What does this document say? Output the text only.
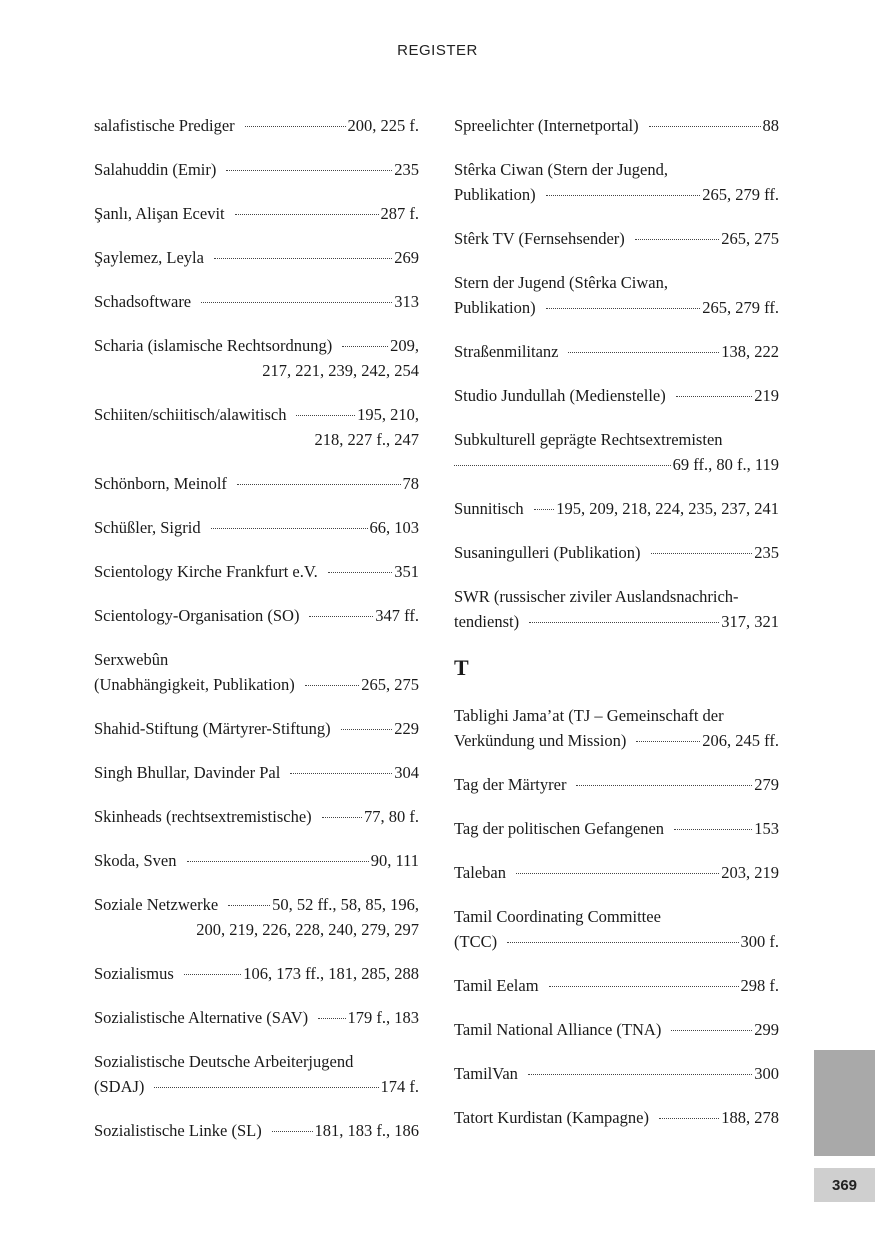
REGISTER
salafistische Prediger	200, 225 f.
Salahuddin (Emir)	235
Şanlı, Alişan Ecevit	287 f.
Şaylemez, Leyla	269
Schadsoftware	313
Scharia (islamische Rechtsordnung)	209,
217, 221, 239, 242, 254
Schiiten/schiitisch/alawitisch	195, 210,
218, 227 f., 247
Schönborn, Meinolf	78
Schüßler, Sigrid	66, 103
Scientology Kirche Frankfurt e.V.	351
Scientology-Organisation (SO)	347 ff.
Serxwebûn
(Unabhängigkeit, Publikation)	265, 275
Shahid-Stiftung (Märtyrer-Stiftung)	229
Singh Bhullar, Davinder Pal	304
Skinheads (rechtsextremistische)	77, 80 f.
Skoda, Sven	90, 111
Soziale Netzwerke	50, 52 ff., 58, 85, 196,
200, 219, 226, 228, 240, 279, 297
Sozialismus	106, 173 ff., 181, 285, 288
Sozialistische Alternative (SAV) 179 f., 183
Sozialistische Deutsche Arbeiterjugend
(SDAJ)	174 f.
Sozialistische Linke (SL)	181, 183 f., 186
Spreelichter (Internetportal)	88
Stêrka Ciwan (Stern der Jugend,
Publikation)	265, 279 ff.
Stêrk TV (Fernsehsender)	265, 275
Stern der Jugend (Stêrka Ciwan,
Publikation)	265, 279 ff.
Straßenmilitanz	138, 222
Studio Jundullah (Medienstelle)	219
Subkulturell geprägte Rechtsextremisten
69 ff., 80 f., 119
Sunnitisch 195, 209, 218, 224, 235, 237, 241
Susaningulleri (Publikation)	235
SWR (russischer ziviler Auslandsnachrich-
tendienst)	317, 321
T
Tablighi Jama’at (TJ – Gemeinschaft der
Verkündung und Mission)	206, 245 ff.
Tag der Märtyrer	279
Tag der politischen Gefangenen	153
Taleban	203, 219
Tamil Coordinating Committee
(TCC)	300 f.
Tamil Eelam	298 f.
Tamil National Alliance (TNA)	299
TamilVan	300
Tatort Kurdistan (Kampagne)	188, 278
369
